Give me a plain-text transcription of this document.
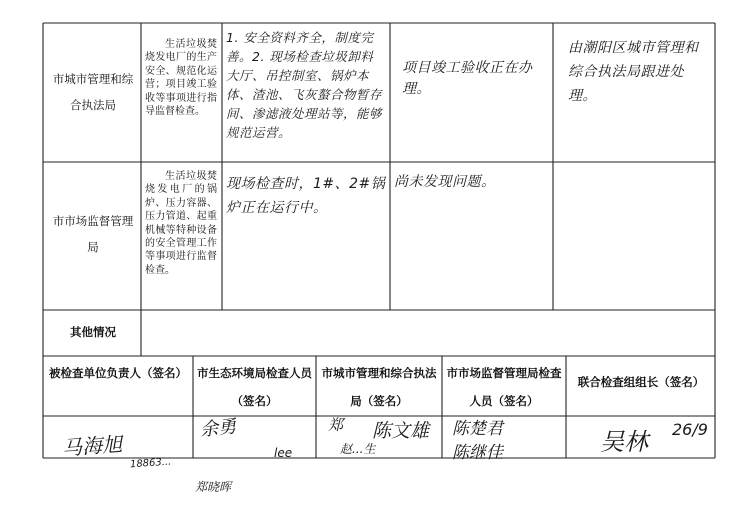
市城市管理和综合执法局
生活垃圾焚烧发电厂的生产安全、规范化运营；项目竣工验收等事项进行指导监督检查。
1. 安全资料齐全，制度完善。2. 现场检查垃圾卸料大厅、吊控制室、锅炉本体、渣池、飞灰螯合物暂存间、渗滤液处理站等，能够规范运营。
项目竣工验收正在办理。
由潮阳区城市管理和综合执法局跟进处理。
市市场监督管理局
生活垃圾焚烧发电厂的锅炉、压力容器、压力管道、起重机械等特种设备的安全管理工作等事项进行监督检查。
现场检查时，1#、2#锅炉正在运行中。
尚未发现问题。
其他情况
被检查单位负责人（签名） 市生态环境局检查人员（签名）
市城市管理和综合执法局（签名）
市市场监督管理局检查人员（签名）
联合检查组组长（签名）
马海旭
18863...
郑晓晖
余勇
lee
郑 陈文雄
赵...生
陈楚君
陈继佳	吴林 26/9
